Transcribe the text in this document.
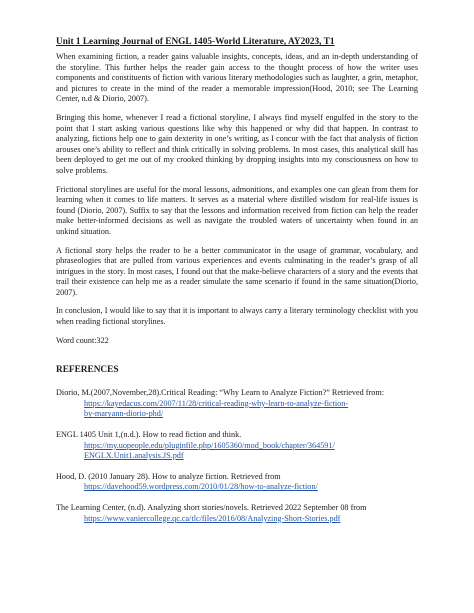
Unit 1 Learning Journal of ENGL 1405-World Literature, AY2023, T1

When examining fiction, a reader gains valuable insights, concepts, ideas, and an in-depth understanding of the storyline. This further helps the reader gain access to the thought process of how the writer uses components and constituents of fiction with various literary methodologies such as laughter, a grin, metaphor, and pictures to create in the mind of the reader a memorable impression(Hood, 2010; see The Learning Center, n.d & Diorio, 2007).

Bringing this home, whenever I read a fictional storyline, I always find myself engulfed in the story to the point that I start asking various questions like why this happened or why did that happen. In contrast to analyzing, fictions help one to gain dexterity in one’s writing, as I concur with the fact that analysis of fiction arouses one’s ability to reflect and think critically in solving problems. In most cases, this analytical skill has been deployed to get me out of my crooked thinking by dropping insights into my consciousness on how to solve problems.

Frictional storylines are useful for the moral lessons, admonitions, and examples one can glean from them for learning when it comes to life matters. It serves as a material where distilled wisdom for real-life issues is found (Diorio, 2007). Suffix to say that the lessons and information received from fiction can help the reader make better-informed decisions as well as navigate the troubled waters of uncertainty when found in an unkind situation.

A fictional story helps the reader to be a better communicator in the usage of grammar, vocabulary, and phraseologies that are pulled from various experiences and events culminating in the reader’s grasp of all intrigues in the story. In most cases, I found out that the make-believe characters of a story and the events that trail their existence can help me as a reader simulate the same scenario if found in the same situation(Diorio, 2007).

In conclusion, I would like to say that it is important to always carry a literary terminology checklist with you when reading fictional storylines.

Word count:322
REFERENCES
Diorio, M.(2007,November,28).Critical Reading: “Why Learn to Analyze Fiction?” Retrieved from:
https://kayedacus.com/2007/11/28/critical-reading-why-learn-to-analyze-fiction-
by-maryann-diorio-phd/
ENGL 1405 Unit 1,(n.d.). How to read fiction and think.
https://my.uopeople.edu/pluginfile.php/1605360/mod_book/chapter/364591/
ENGLX.Unit1.analysis.JS.pdf
Hood, D. (2010 January 28). How to analyze fiction. Retrieved from
https://davehood59.wordpress.com/2010/01/28/how-to-analyze-fiction/
The Learning Center, (n.d). Analyzing short stories/novels. Retrieved 2022 September 08 from
https://www.vaniercollege.qc.ca/tlc/files/2016/08/Analyzing-Short-Stories.pdf
